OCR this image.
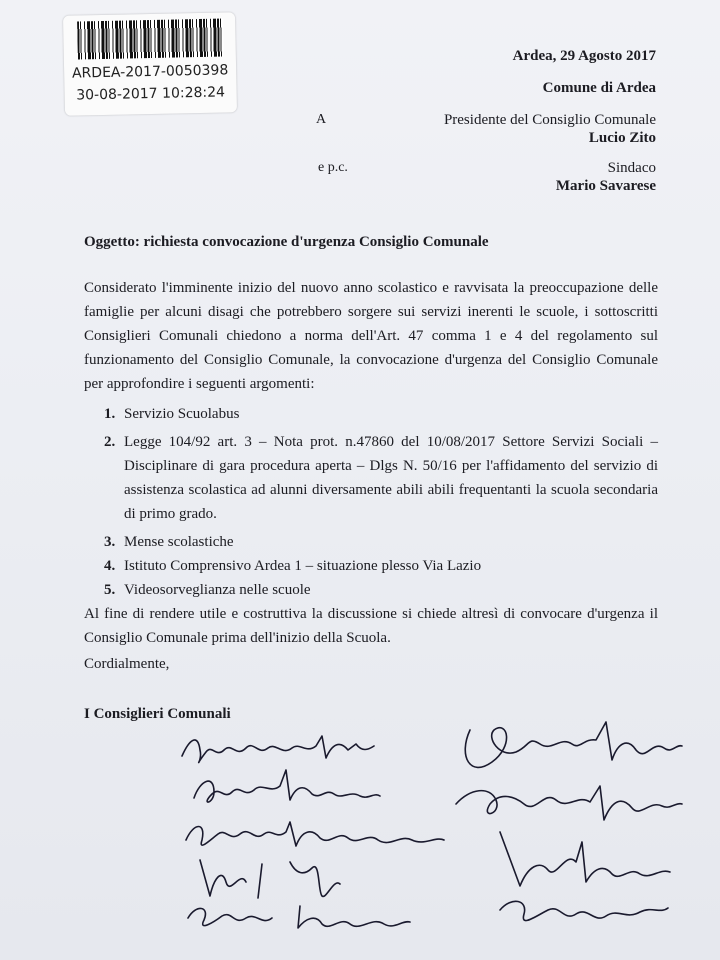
ARDEA-2017-0050398
30-08-2017 10:28:24
Ardea, 29 Agosto 2017
Comune di Ardea
A	Presidente del Consiglio Comunale
Lucio Zito
e p.c.	Sindaco
Mario Savarese
Oggetto: richiesta convocazione d'urgenza Consiglio Comunale
Considerato l'imminente inizio del nuovo anno scolastico e ravvisata la preoccupazione delle famiglie per alcuni disagi che potrebbero sorgere sui servizi inerenti le scuole, i sottoscritti Consiglieri Comunali chiedono a norma dell'Art. 47 comma 1 e 4 del regolamento sul funzionamento del Consiglio Comunale, la convocazione d'urgenza del Consiglio Comunale per approfondire i seguenti argomenti:
1. Servizio Scuolabus
2. Legge 104/92 art. 3 – Nota prot. n.47860 del 10/08/2017 Settore Servizi Sociali – Disciplinare di gara procedura aperta – Dlgs N. 50/16 per l'affidamento del servizio di assistenza scolastica ad alunni diversamente abili abili frequentanti la scuola secondaria di primo grado.
3. Mense scolastiche
4. Istituto Comprensivo Ardea 1 – situazione plesso Via Lazio
5. Videosorveglianza nelle scuole
Al fine di rendere utile e costruttiva la discussione si chiede altresì di convocare d'urgenza il Consiglio Comunale prima dell'inizio della Scuola.
Cordialmente,
I Consiglieri Comunali
